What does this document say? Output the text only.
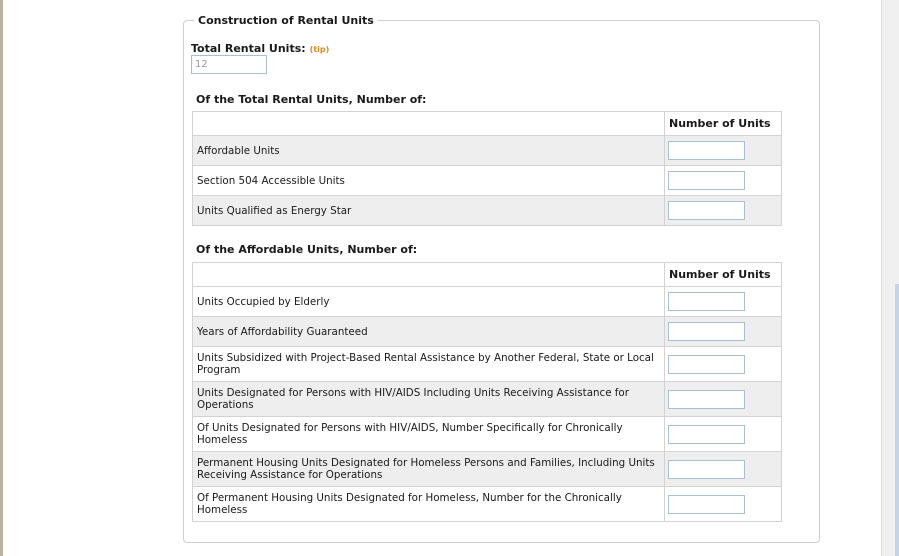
Construction of Rental Units
Total Rental Units: (tip)
12
Of the Total Rental Units, Number of:
	Number of Units
Affordable Units	

Section 504 Accessible Units	

Units Qualified as Energy Star	
Of the Affordable Units, Number of:
	Number of Units
Units Occupied by Elderly	

Years of Affordability Guaranteed	

Units Subsidized with Project-Based Rental Assistance by Another Federal, State or Local Program	

Units Designated for Persons with HIV/AIDS Including Units Receiving Assistance for Operations	

Of Units Designated for Persons with HIV/AIDS, Number Specifically for Chronically Homeless	

Permanent Housing Units Designated for Homeless Persons and Families, Including Units Receiving Assistance for Operations	

Of Permanent Housing Units Designated for Homeless, Number for the Chronically Homeless	
